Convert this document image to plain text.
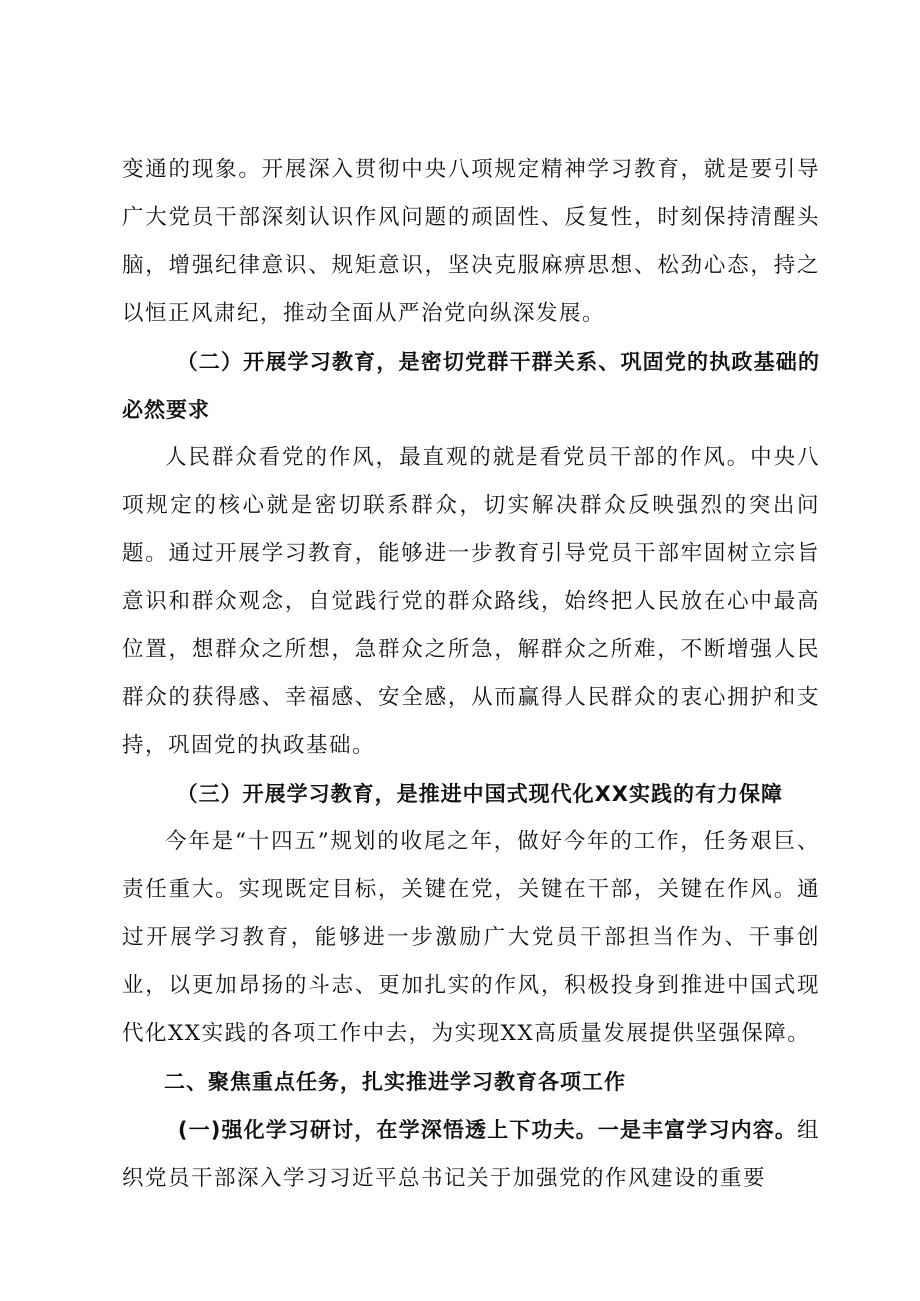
变通的现象。开展深入贯彻中央八项规定精神学习教育，就是要引导广大党员干部深刻认识作风问题的顽固性、反复性，时刻保持清醒头脑，增强纪律意识、规矩意识，坚决克服麻痹思想、松劲心态，持之以恒正风肃纪，推动全面从严治党向纵深发展。

（二）开展学习教育，是密切党群干群关系、巩固党的执政基础的必然要求

人民群众看党的作风，最直观的就是看党员干部的作风。中央八项规定的核心就是密切联系群众，切实解决群众反映强烈的突出问题。通过开展学习教育，能够进一步教育引导党员干部牢固树立宗旨意识和群众观念，自觉践行党的群众路线，始终把人民放在心中最高位置，想群众之所想，急群众之所急，解群众之所难，不断增强人民群众的获得感、幸福感、安全感，从而赢得人民群众的衷心拥护和支持，巩固党的执政基础。

（三）开展学习教育，是推进中国式现代化XX实践的有力保障

今年是“十四五”规划的收尾之年，做好今年的工作，任务艰巨、责任重大。实现既定目标，关键在党，关键在干部，关键在作风。通过开展学习教育，能够进一步激励广大党员干部担当作为、干事创业，以更加昂扬的斗志、更加扎实的作风，积极投身到推进中国式现代化XX实践的各项工作中去，为实现XX高质量发展提供坚强保障。

二、聚焦重点任务，扎实推进学习教育各项工作

(一)强化学习研讨，在学深悟透上下功夫。一是丰富学习内容。组织党员干部深入学习习近平总书记关于加强党的作风建设的重要
